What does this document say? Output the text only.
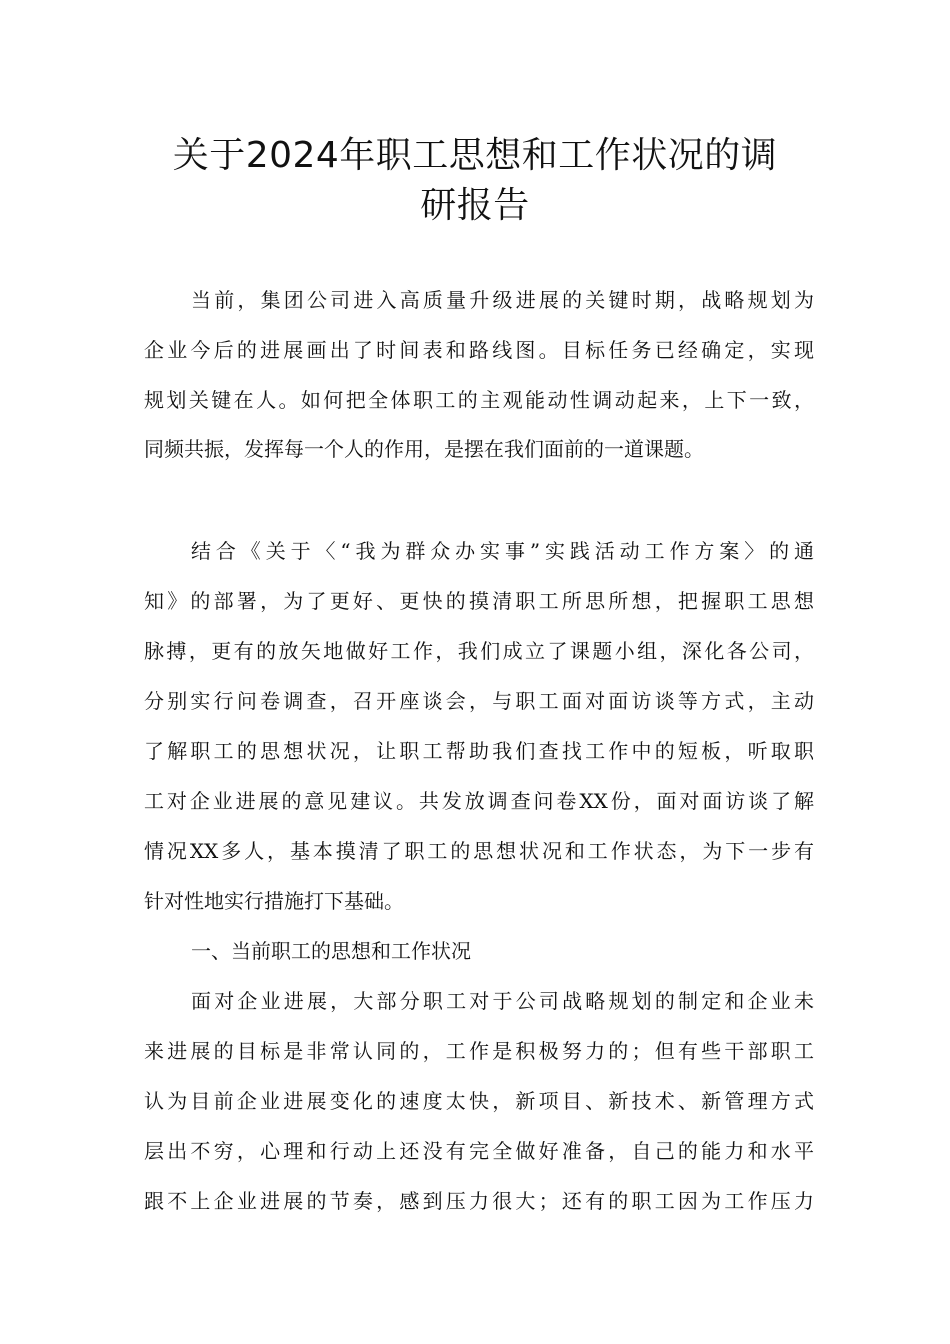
关于2024年职工思想和工作状况的调
研报告
当前，集团公司进入高质量升级进展的关键时期，战略规划为
企业今后的进展画出了时间表和路线图。目标任务已经确定，实现
规划关键在人。如何把全体职工的主观能动性调动起来，上下一致，
同频共振，发挥每一个人的作用，是摆在我们面前的一道课题。
结合《关于〈“我为群众办实事”实践活动工作方案〉的通
知》的部署，为了更好、更快的摸清职工所思所想，把握职工思想
脉搏，更有的放矢地做好工作，我们成立了课题小组，深化各公司，
分别实行问卷调查，召开座谈会，与职工面对面访谈等方式，主动
了解职工的思想状况，让职工帮助我们查找工作中的短板，听取职
工对企业进展的意见建议。共发放调查问卷XX份，面对面访谈了解
情况XX多人，基本摸清了职工的思想状况和工作状态，为下一步有
针对性地实行措施打下基础。
一、当前职工的思想和工作状况
面对企业进展，大部分职工对于公司战略规划的制定和企业未
来进展的目标是非常认同的，工作是积极努力的；但有些干部职工
认为目前企业进展变化的速度太快，新项目、新技术、新管理方式
层出不穷，心理和行动上还没有完全做好准备，自己的能力和水平
跟不上企业进展的节奏，感到压力很大；还有的职工因为工作压力
